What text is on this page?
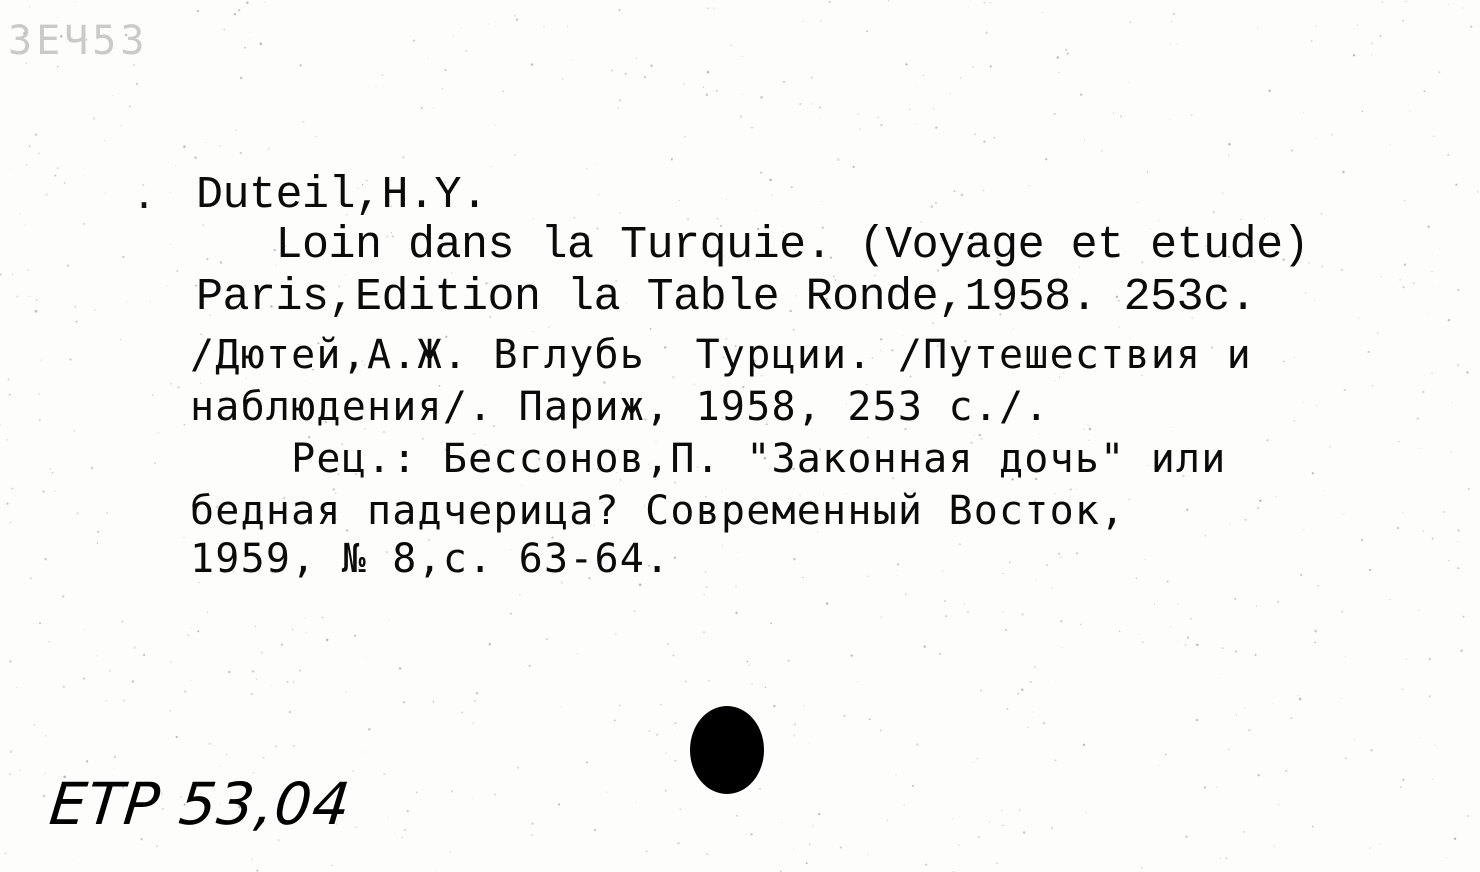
ЗЕЧ53
. Duteil,H.Y.

Loin dans la Turquie. (Voyage et etude)

Paris,Edition la Table Ronde,1958. 253c.

/Дютей,А.Ж. Вглубь  Турции. /Путешествия и

наблюдения/. Париж, 1958, 253 с./.

Рец.: Бессонов,П. "Законная дочь" или

бедная падчерица? Современный Восток,

1959, № 8,с. 63-64.

ETP 53,04
